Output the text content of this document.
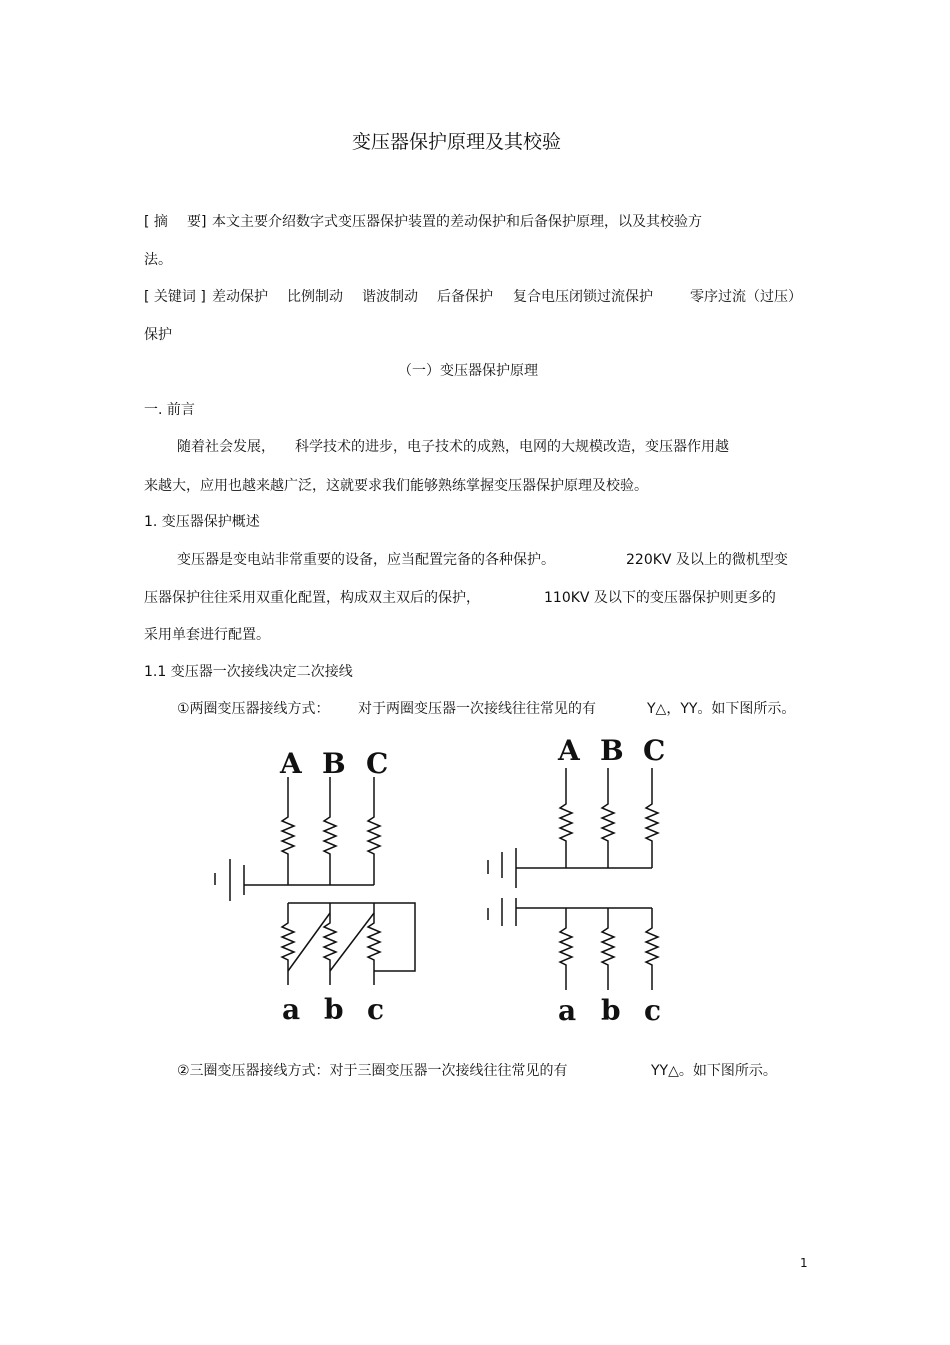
变压器保护原理及其校验
[ 摘 要] 本文主要介绍数字式变压器保护装置的差动保护和后备保护原理，以及其校验方
法。
[ 关键词 ] 差动保护 比例制动 谐波制动 后备保护 复合电压闭锁过流保护	零序过流（过压）
保护
（一）变压器保护原理
一. 前言
随着社会发展， 科学技术的进步，电子技术的成熟，电网的大规模改造，变压器作用越
来越大，应用也越来越广泛，这就要求我们能够熟练掌握变压器保护原理及校验。
1. 变压器保护概述
变压器是变电站非常重要的设备，应当配置完备的各种保护。	220KV 及以上的微机型变
压器保护往往采用双重化配置，构成双主双后的保护，	110KV 及以下的变压器保护则更多的
采用单套进行配置。
1.1 变压器一次接线决定二次接线
①两圈变压器接线方式： 对于两圈变压器一次接线往往常见的有	Y△，YY。如下图所示。
A B C
a b c
A B C
a b c
②三圈变压器接线方式：对于三圈变压器一次接线往往常见的有	YY△。如下图所示。
1
